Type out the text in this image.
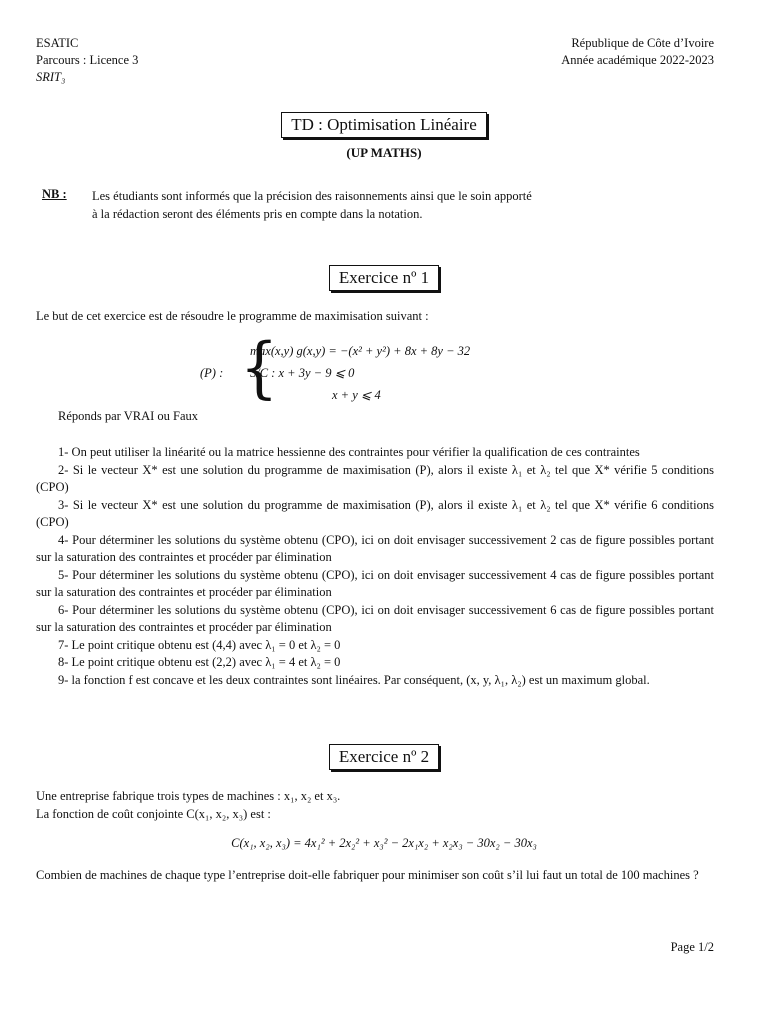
ESATIC
Parcours : Licence 3
SRIT₃
République de Côte d’Ivoire
Année académique 2022-2023
TD : Optimisation Linéaire
(UP MATHS)
NB : Les étudiants sont informés que la précision des raisonnements ainsi que le soin apporté
à la rédaction seront des éléments pris en compte dans la notation.
Exercice nº 1
Le but de cet exercice est de résoudre le programme de maximisation suivant :
(P) : {
max(x,y) g(x,y) = −(x² + y²) + 8x + 8y − 32
S/C : x + 3y − 9 ⩽ 0
x + y ⩽ 4
Réponds par VRAI ou Faux

1- On peut utiliser la linéarité ou la matrice hessienne des contraintes pour vérifier la qualification de ces contraintes

2- Si le vecteur X* est une solution du programme de maximisation (P), alors il existe λ₁ et λ₂ tel que X* vérifie 5 conditions (CPO)

3- Si le vecteur X* est une solution du programme de maximisation (P), alors il existe λ₁ et λ₂ tel que X* vérifie 6 conditions (CPO)

4- Pour déterminer les solutions du système obtenu (CPO), ici on doit envisager successivement 2 cas de figure possibles portant sur la saturation des contraintes et procéder par élimination

5- Pour déterminer les solutions du système obtenu (CPO), ici on doit envisager successivement 4 cas de figure possibles portant sur la saturation des contraintes et procéder par élimination

6- Pour déterminer les solutions du système obtenu (CPO), ici on doit envisager successivement 6 cas de figure possibles portant sur la saturation des contraintes et procéder par élimination

7- Le point critique obtenu est (4,4) avec λ₁ = 0 et λ₂ = 0

8- Le point critique obtenu est (2,2) avec λ₁ = 4 et λ₂ = 0

9- la fonction f est concave et les deux contraintes sont linéaires. Par conséquent, (x, y, λ₁, λ₂) est un maximum global.

Exercice nº 2
Une entreprise fabrique trois types de machines : x₁, x₂ et x₃.
La fonction de coût conjointe C(x₁, x₂, x₃) est :
C(x₁, x₂, x₃) = 4x₁² + 2x₂² + x₃² − 2x₁x₂ + x₂x₃ − 30x₂ − 30x₃
Combien de machines de chaque type l’entreprise doit-elle fabriquer pour minimiser son coût s’il lui faut un total de 100 machines ?
Page 1/2
